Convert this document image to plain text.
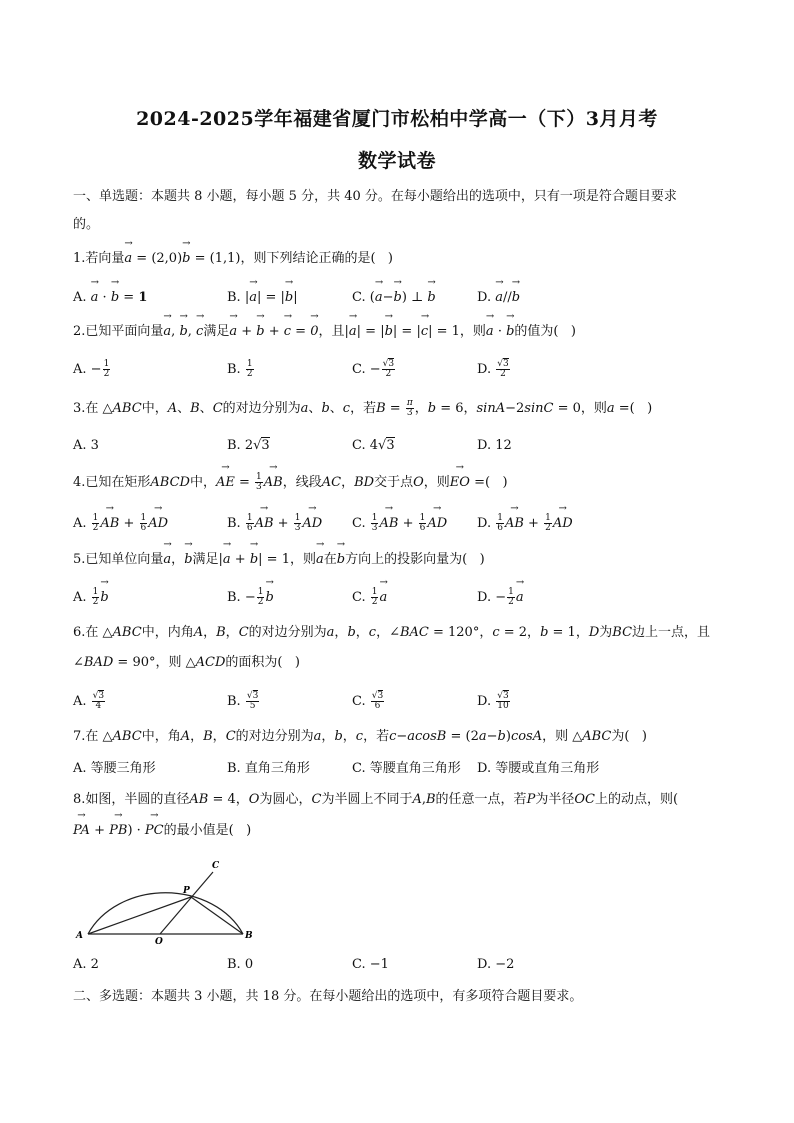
2024-2025学年福建省厦门市松柏中学高一（下）3月月考
数学试卷
一、单选题：本题共 8 小题，每小题 5 分，共 40 分。在每小题给出的选项中，只有一项是符合题目要求
的。
1.若向量→ a = (2,0)→ b = (1,1)，则下列结论正确的是(   )
A. → a · → b = 1	B. |→ a| = |→ b|	C. (→ a−→ b) ⊥ → b	D. → a//→ b
2.已知平面向量→ a, → b, → c满足→ a + → b + → c = → 0，且|→ a| = |→ b| = |→ c| = 1，则→ a · → b的值为(   )
A. − $\frac{1}{2}$	B. $\frac{1}{2}$	C. − $\frac{√3}{2}$	D. $\frac{√3}{2}$
3.在 △ABC中，A、B、C的对边分别为a、b、c，若$B = \frac{\pi}{3}$ ，b = 6，sinA−2sinC = 0，则a =(   )
A. 3	B. 2√3	C. 4√3	D. 12
4.已知在矩形ABCD中，→ AE = $\frac{1}{3}$
→ AB，线段AC，BD交于点O，则→ EO =(   )
A. $\frac{1}{2}$
→ AB + $\frac{1}{6}$
→ AD	B. $\frac{1}{6}$
→ AB + $\frac{1}{3}$
→ AD C. $\frac{1}{3}$
→ AB + $\frac{1}{6}$
→ AD D. $\frac{1}{6}$
→ AB + $\frac{1}{2}$
→ AD
5.已知单位向量→ a，→ b满足|→ a + → b| = 1，则→ a在→ b方向上的投影向量为(   )
A. $\frac{1}{2}$
→ b	B. − $\frac{1}{2}$
→ b	C. $\frac{1}{2}$
→ a	D. − $\frac{1}{2}$
→ a
6.在 △ABC中，内角A，B，C的对边分别为a，b，c，∠BAC = 120°，c = 2，b = 1，D为BC边上一点，且
∠BAD = 90°，则 △ACD的面积为(   )
A. $\frac{√3}{4}$	B. $\frac{√3}{5}$	C. $\frac{√3}{6}$	D. $\frac{√3}{10}$
7.在 △ABC中，角A，B，C的对边分别为a，b，c，若c−acosB = (2a−b)cosA，则 △ABC为(   )
A. 等腰三角形	B. 直角三角形	C. 等腰直角三角形 D. 等腰或直角三角形
8.如图，半圆的直径AB = 4，O为圆心，C为半圆上不同于A,B的任意一点，若P为半径OC上的动点，则(
→ PA + → PB) · → PC的最小值是(   )
A	B
C
O
P
A. 2	B. 0	C. −1	D. −2
二、多选题：本题共 3 小题，共 18 分。在每小题给出的选项中，有多项符合题目要求。
